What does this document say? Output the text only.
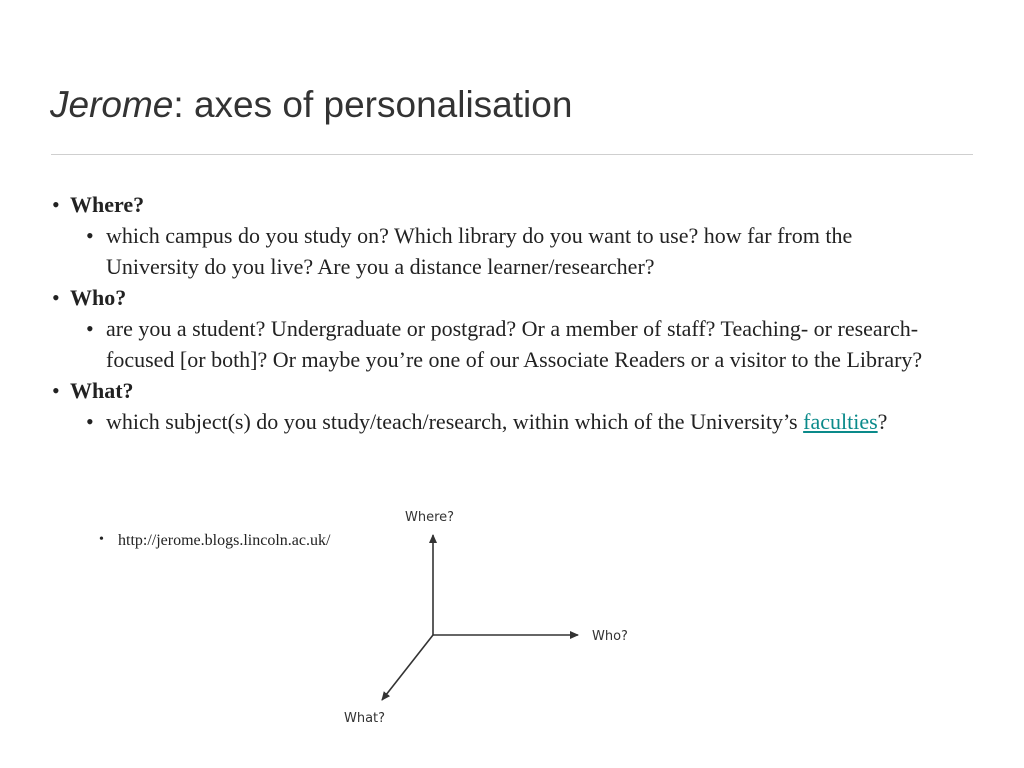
Jerome: axes of personalisation
• Where?
• which campus do you study on? Which library do you want to use? how far from the University do you live? Are you a distance learner/researcher?
• Who?
• are you a student? Undergraduate or postgrad? Or a member of staff? Teaching- or research-focused [or both]? Or maybe you’re one of our Associate Readers or a visitor to the Library?
• What?
• which subject(s) do you study/teach/research, within which of the University’s faculties?
• http://jerome.blogs.lincoln.ac.uk/
Where?
Who?
What?
